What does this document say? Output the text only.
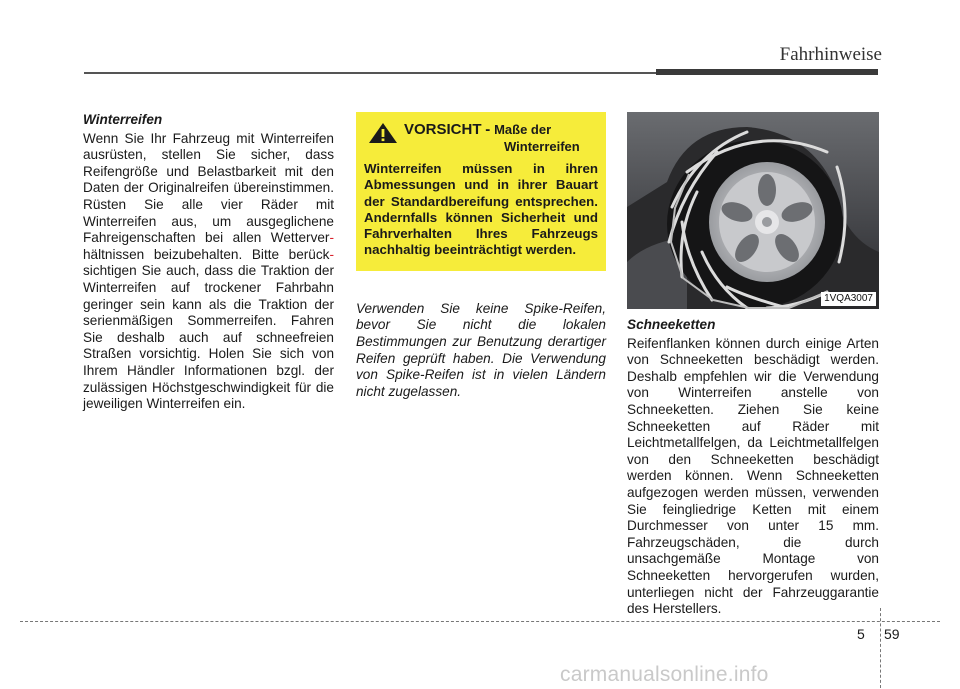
Fahrhinweise
Winterreifen

Wenn Sie Ihr Fahrzeug mit Winterreifen ausrüsten, stellen Sie sicher, dass Reifengröße und Belastbarkeit mit den Daten der Originalreifen übereinstimmen. Rüsten Sie alle vier Räder mit Winterreifen aus, um ausgeglichene Fahreigenschaften bei allen Wetterver- hältnissen beizubehalten. Bitte berück- sichtigen Sie auch, dass die Traktion der Winterreifen auf trockener Fahrbahn geringer sein kann als die Traktion der serienmäßigen Sommerreifen. Fahren Sie deshalb auch auf schneefreien Straßen vorsichtig. Holen Sie sich von Ihrem Händler Informationen bzgl. der zulässigen Höchstgeschwindigkeit für die jeweiligen Winterreifen ein.

VORSICHT - Maße der
Winterreifen
Winterreifen müssen in ihren Abmessungen und in ihrer Bauart der Standardbereifung entsprechen. Andernfalls können Sicherheit und Fahrverhalten Ihres Fahrzeugs nachhaltig beeinträchtigt werden.

Verwenden Sie keine Spike-Reifen, bevor Sie nicht die lokalen Bestimmungen zur Benutzung derartiger Reifen geprüft haben. Die Verwendung von Spike-Reifen ist in vielen Ländern nicht zugelassen.

1VQA3007
Schneeketten

Reifenflanken können durch einige Arten von Schneeketten beschädigt werden. Deshalb empfehlen wir die Verwendung von Winterreifen anstelle von Schneeketten. Ziehen Sie keine Schneeketten auf Räder mit Leichtmetallfelgen, da Leichtmetallfelgen von den Schneeketten beschädigt werden können. Wenn Schneeketten aufgezogen werden müssen, verwenden Sie feingliedrige Ketten mit einem Durchmesser von unter 15 mm. Fahrzeugschäden, die durch unsachgemäße Montage von Schneeketten hervorgerufen wurden, unterliegen nicht der Fahrzeuggarantie des Herstellers.

5 59
carmanualsonline.info
